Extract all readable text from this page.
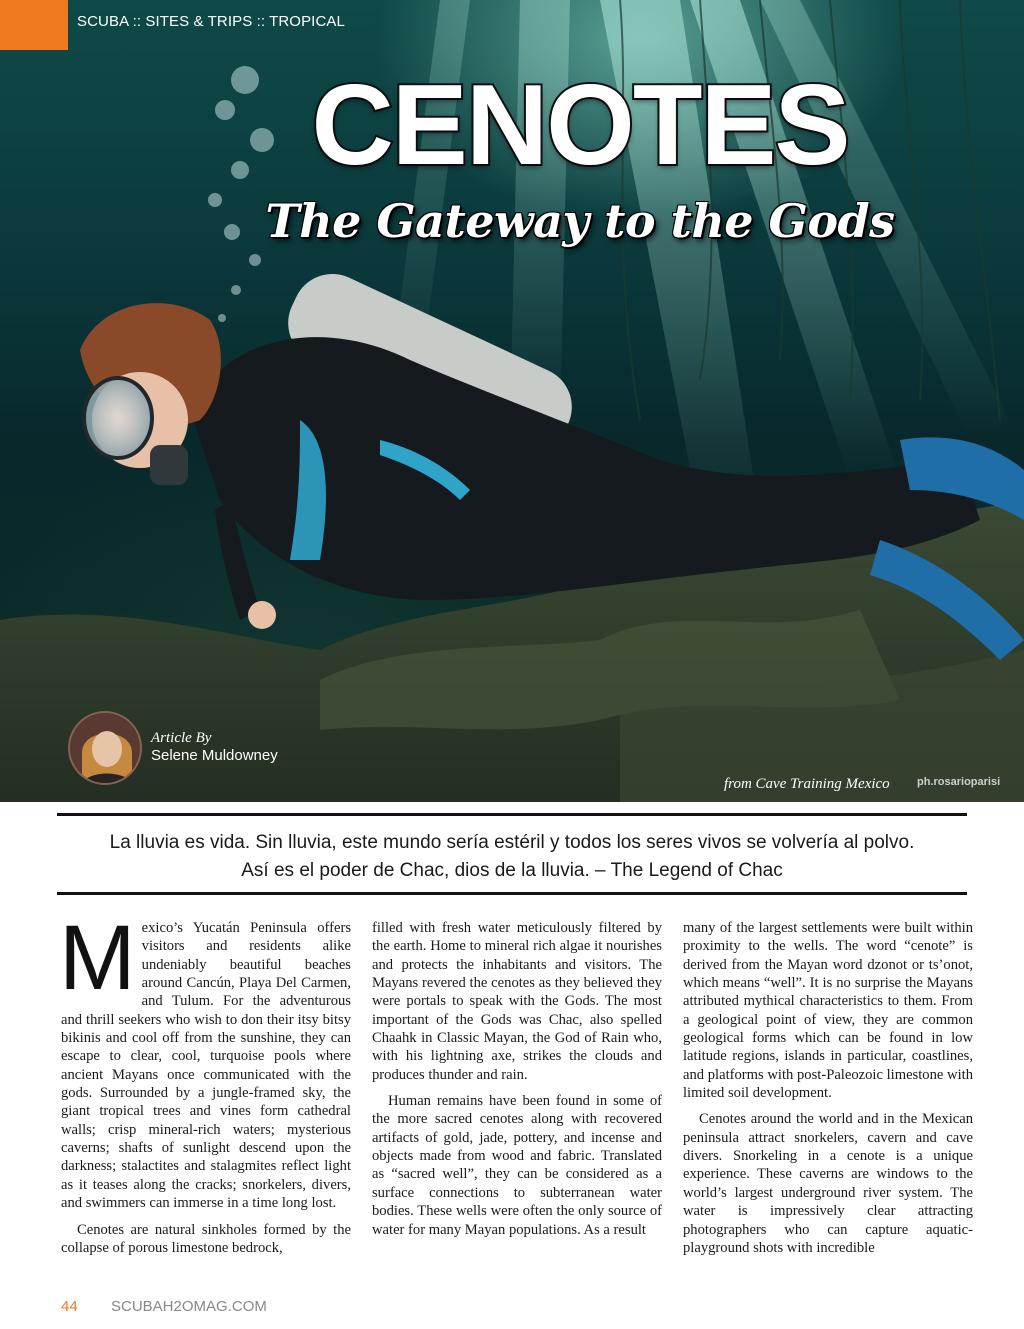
SCUBA :: SITES & TRIPS :: TROPICAL
CENOTES
The Gateway to the Gods
Article By
Selene Muldowney
from Cave Training Mexico ph.rosarioparisi
La lluvia es vida. Sin lluvia, este mundo sería estéril y todos los seres vivos se volvería al polvo.
Así es el poder de Chac, dios de la lluvia. – The Legend of Chac

Mexico’s Yucatán Peninsula offers visitors and residents alike undeniably beautiful beaches around Cancún, Playa Del Carmen, and Tulum. For the adventurous and thrill seekers who wish to don their itsy bitsy bikinis and cool off from the sunshine, they can escape to clear, cool, turquoise pools where ancient Mayans once communicated with the gods. Surrounded by a jungle-framed sky, the giant tropical trees and vines form cathedral walls; crisp mineral-rich waters; mysterious caverns; shafts of sunlight descend upon the darkness; stalactites and stalagmites reflect light as it teases along the cracks; snorkelers, divers, and swimmers can immerse in a time long lost.

Cenotes are natural sinkholes formed by the collapse of porous limestone bedrock,

filled with fresh water meticulously filtered by the earth. Home to mineral rich algae it nourishes and protects the inhabitants and visitors. The Mayans revered the cenotes as they believed they were portals to speak with the Gods. The most important of the Gods was Chac, also spelled Chaahk in Classic Mayan, the God of Rain who, with his lightning axe, strikes the clouds and produces thunder and rain.

Human remains have been found in some of the more sacred cenotes along with recovered artifacts of gold, jade, pottery, and incense and objects made from wood and fabric. Translated as “sacred well”, they can be considered as a surface connections to subterranean water bodies. These wells were often the only source of water for many Mayan populations. As a result

many of the largest settlements were built within proximity to the wells. The word “cenote” is derived from the Mayan word dzonot or ts’onot, which means “well”. It is no surprise the Mayans attributed mythical characteristics to them. From a geological point of view, they are common geological forms which can be found in low latitude regions, islands in particular, coastlines, and platforms with post-Paleozoic limestone with limited soil development.

Cenotes around the world and in the Mexican peninsula attract snorkelers, cavern and cave divers. Snorkeling in a cenote is a unique experience. These caverns are windows to the world’s largest underground river system. The water is impressively clear attracting photographers who can capture aquatic-playground shots with incredible

44 SCUBAH2OMAG.COM
